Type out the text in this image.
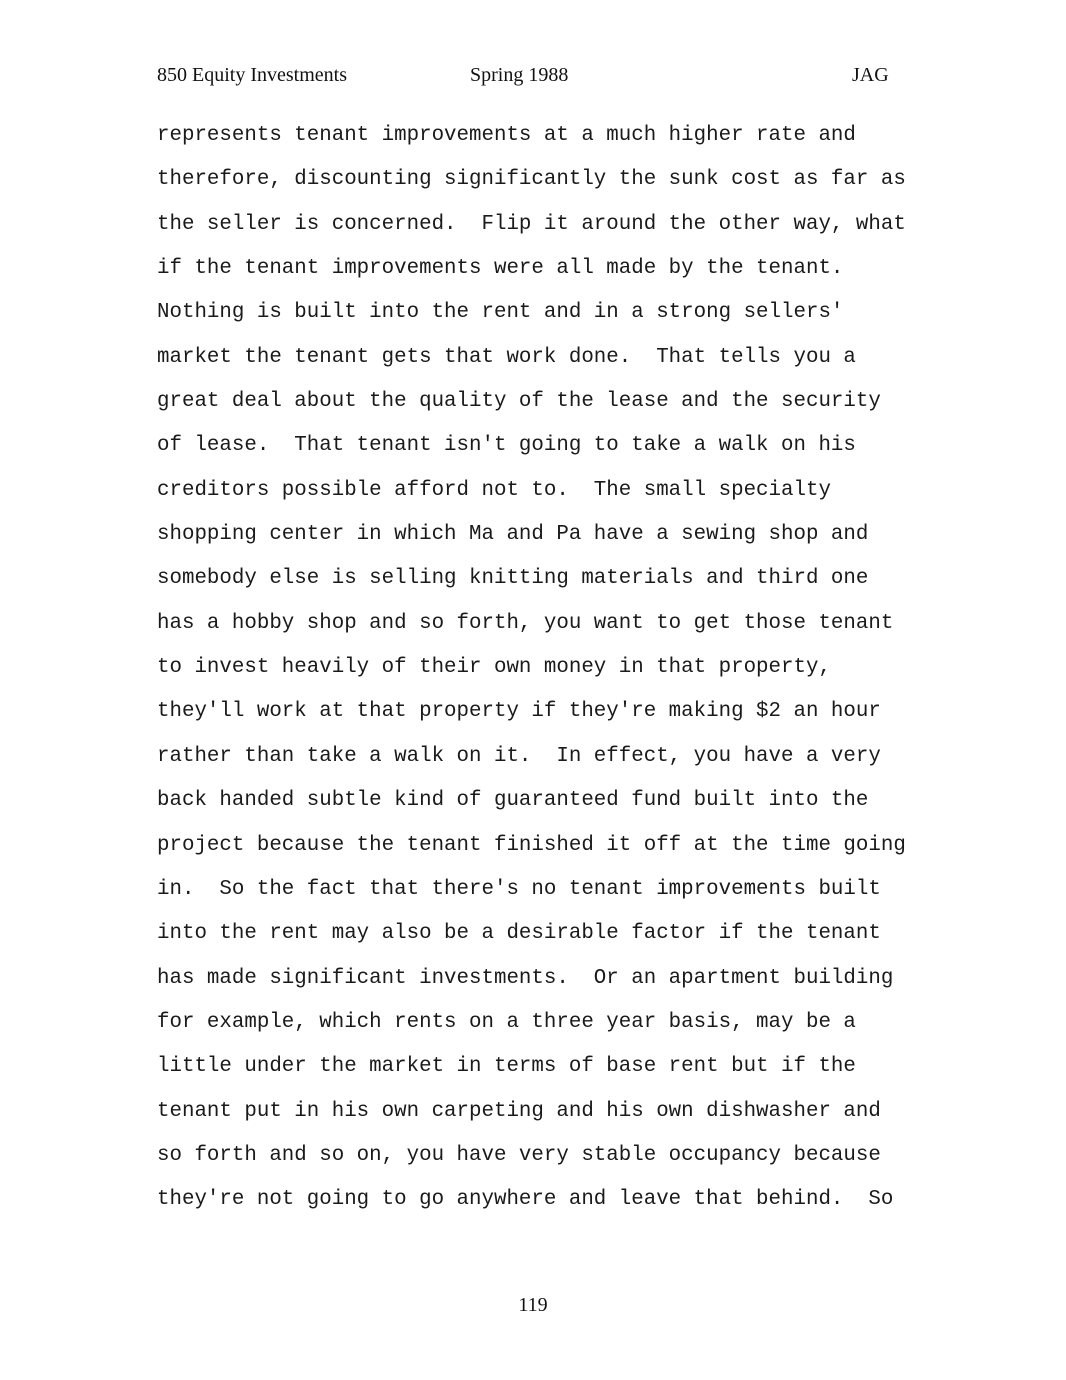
850 Equity Investments	Spring 1988	JAG
represents tenant improvements at a much higher rate and
therefore, discounting significantly the sunk cost as far as
the seller is concerned.  Flip it around the other way, what
if the tenant improvements were all made by the tenant.
Nothing is built into the rent and in a strong sellers'
market the tenant gets that work done.  That tells you a
great deal about the quality of the lease and the security
of lease.  That tenant isn't going to take a walk on his
creditors possible afford not to.  The small specialty
shopping center in which Ma and Pa have a sewing shop and
somebody else is selling knitting materials and third one
has a hobby shop and so forth, you want to get those tenant
to invest heavily of their own money in that property,
they'll work at that property if they're making $2 an hour
rather than take a walk on it.  In effect, you have a very
back handed subtle kind of guaranteed fund built into the
project because the tenant finished it off at the time going
in.  So the fact that there's no tenant improvements built
into the rent may also be a desirable factor if the tenant
has made significant investments.  Or an apartment building
for example, which rents on a three year basis, may be a
little under the market in terms of base rent but if the
tenant put in his own carpeting and his own dishwasher and
so forth and so on, you have very stable occupancy because
they're not going to go anywhere and leave that behind.  So
119
